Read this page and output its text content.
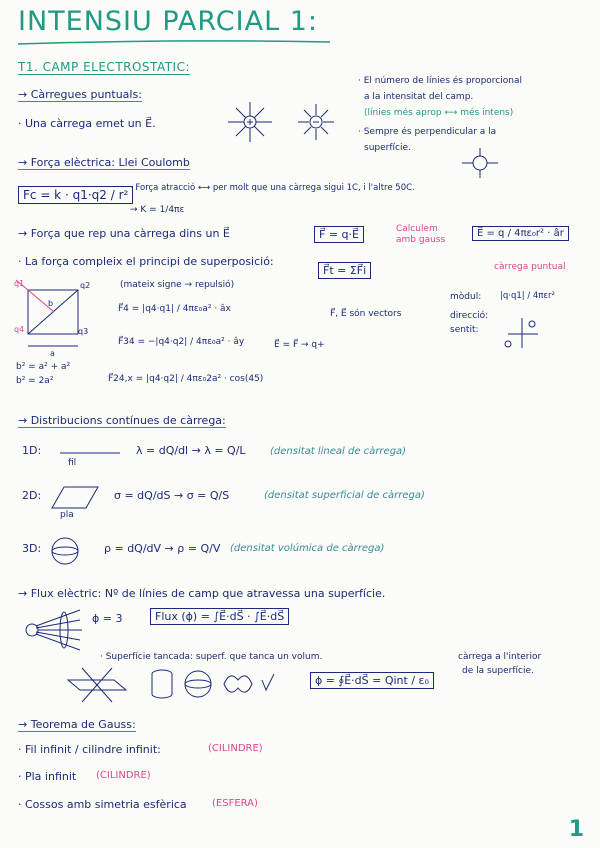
INTENSIU PARCIAL 1:
T1. CAMP ELECTROSTATIC:
→ Càrregues puntuals:
· Una càrrega emet un E⃗.
· El número de línies és proporcional
a la intensitat del camp.
(línies més aprop ⟷ més intens)
· Sempre és perpendicular a la
superfície.
→ Força elèctrica: Llei Coulomb
Fc = k · q1·q2 / r² · Força atracció ⟷ per molt que una càrrega sigui 1C, i l'altre 50C.
→ K = 1/4πε
→ Força que rep una càrrega dins un E⃗	F⃗ = q·E⃗	Calculem
amb gauss
E⃗ = q / 4πε₀r² · âr
càrrega puntual
· La força compleix el principi de superposició:
F⃗t = ΣF⃗i
(mateix signe → repulsió)
q1	q2
q4	q3
b
a
F⃗4 = |q4·q1| / 4πε₀a² · âx
F⃗34 = −|q4·q2| / 4πε₀a² · ây
F⃗24,x = |q4·q2| / 4πε₀2a² · cos(45)
b² = a² + a²
b² = 2a²
F⃗, E⃗ són vectors
mòdul: |q·q1| / 4πεr²
direcció:
sentit:
E⃗ = F⃗ → q+
→ Distribucions contínues de càrrega:
1D:
fil
λ = dQ/dl → λ = Q/L (densitat lineal de càrrega)
2D:
pla
σ = dQ/dS → σ = Q/S	(densitat superficial de càrrega)
3D:	ρ = dQ/dV → ρ = Q/V (densitat volúmica de càrrega)
→ Flux elèctric: Nº de línies de camp que atravessa una superfície.
ϕ = 3	Flux (ϕ) = ∫E⃗·dS⃗ · ∫E⃗·dS⃗
· Superfície tancada: superf. que tanca un volum.
ϕ = ∮E⃗·dS⃗ = Qint / ε₀
càrrega a l'interior
de la superfície.
→ Teorema de Gauss:
· Fil infinit / cilindre infinit:	(CILINDRE)
· Pla infinit (CILINDRE)
· Cossos amb simetria esfèrica	(ESFERA)
1
